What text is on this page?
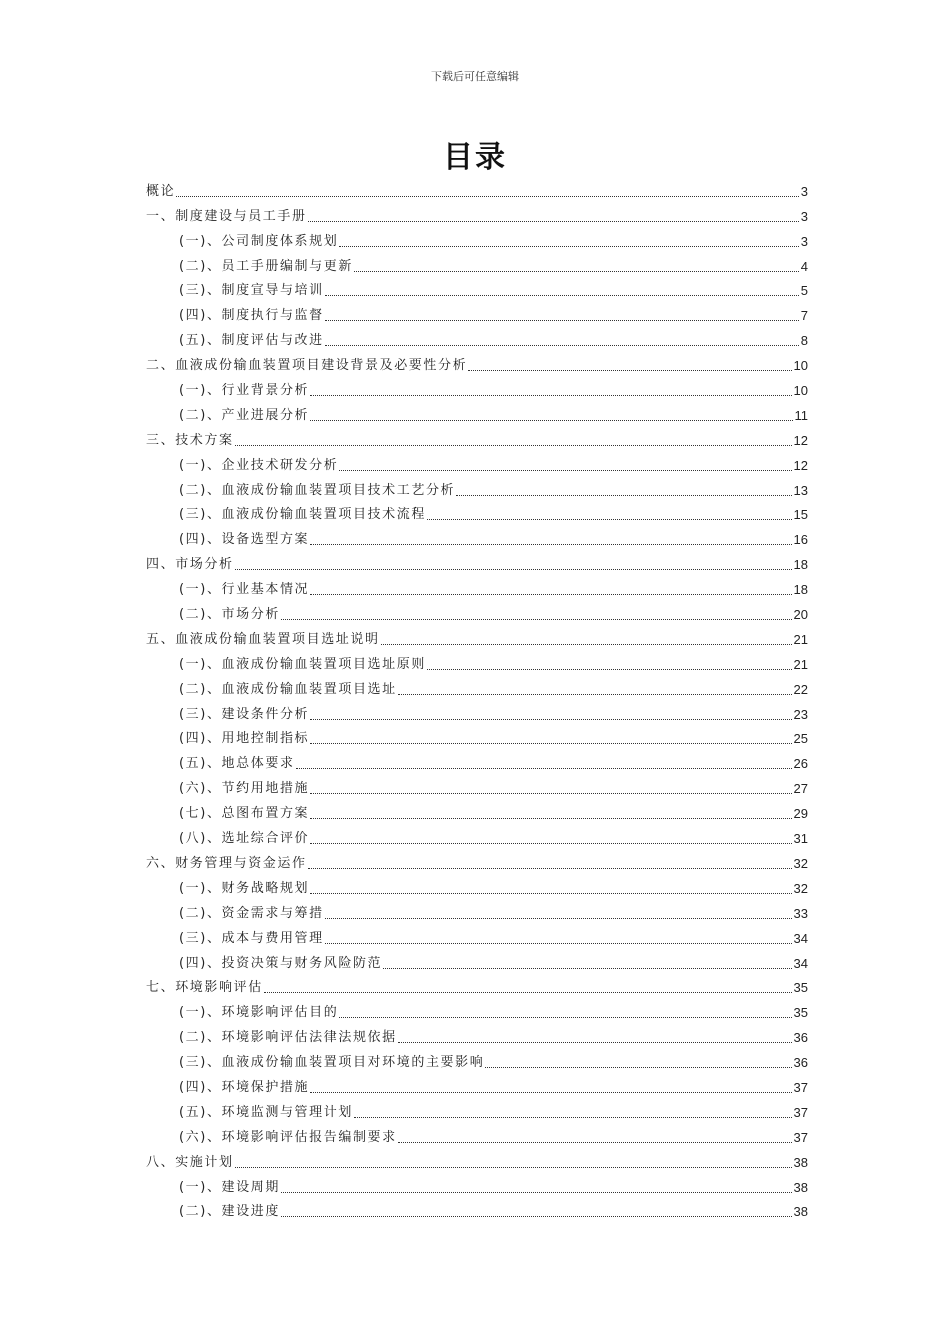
下载后可任意编辑
目录
概论	3
一、制度建设与员工手册	3
(一)、公司制度体系规划	3
(二)、员工手册编制与更新	4
(三)、制度宣导与培训	5
(四)、制度执行与监督	7
(五)、制度评估与改进	8
二、血液成份输血装置项目建设背景及必要性分析	10
(一)、行业背景分析	10
(二)、产业进展分析	11
三、技术方案	12
(一)、企业技术研发分析	12
(二)、血液成份输血装置项目技术工艺分析	13
(三)、血液成份输血装置项目技术流程	15
(四)、设备选型方案	16
四、市场分析	18
(一)、行业基本情况	18
(二)、市场分析	20
五、血液成份输血装置项目选址说明	21
(一)、血液成份输血装置项目选址原则	21
(二)、血液成份输血装置项目选址	22
(三)、建设条件分析	23
(四)、用地控制指标	25
(五)、地总体要求	26
(六)、节约用地措施	27
(七)、总图布置方案	29
(八)、选址综合评价	31
六、财务管理与资金运作	32
(一)、财务战略规划	32
(二)、资金需求与筹措	33
(三)、成本与费用管理	34
(四)、投资决策与财务风险防范	34
七、环境影响评估	35
(一)、环境影响评估目的	35
(二)、环境影响评估法律法规依据	36
(三)、血液成份输血装置项目对环境的主要影响	36
(四)、环境保护措施	37
(五)、环境监测与管理计划	37
(六)、环境影响评估报告编制要求	37
八、实施计划	38
(一)、建设周期	38
(二)、建设进度	38
